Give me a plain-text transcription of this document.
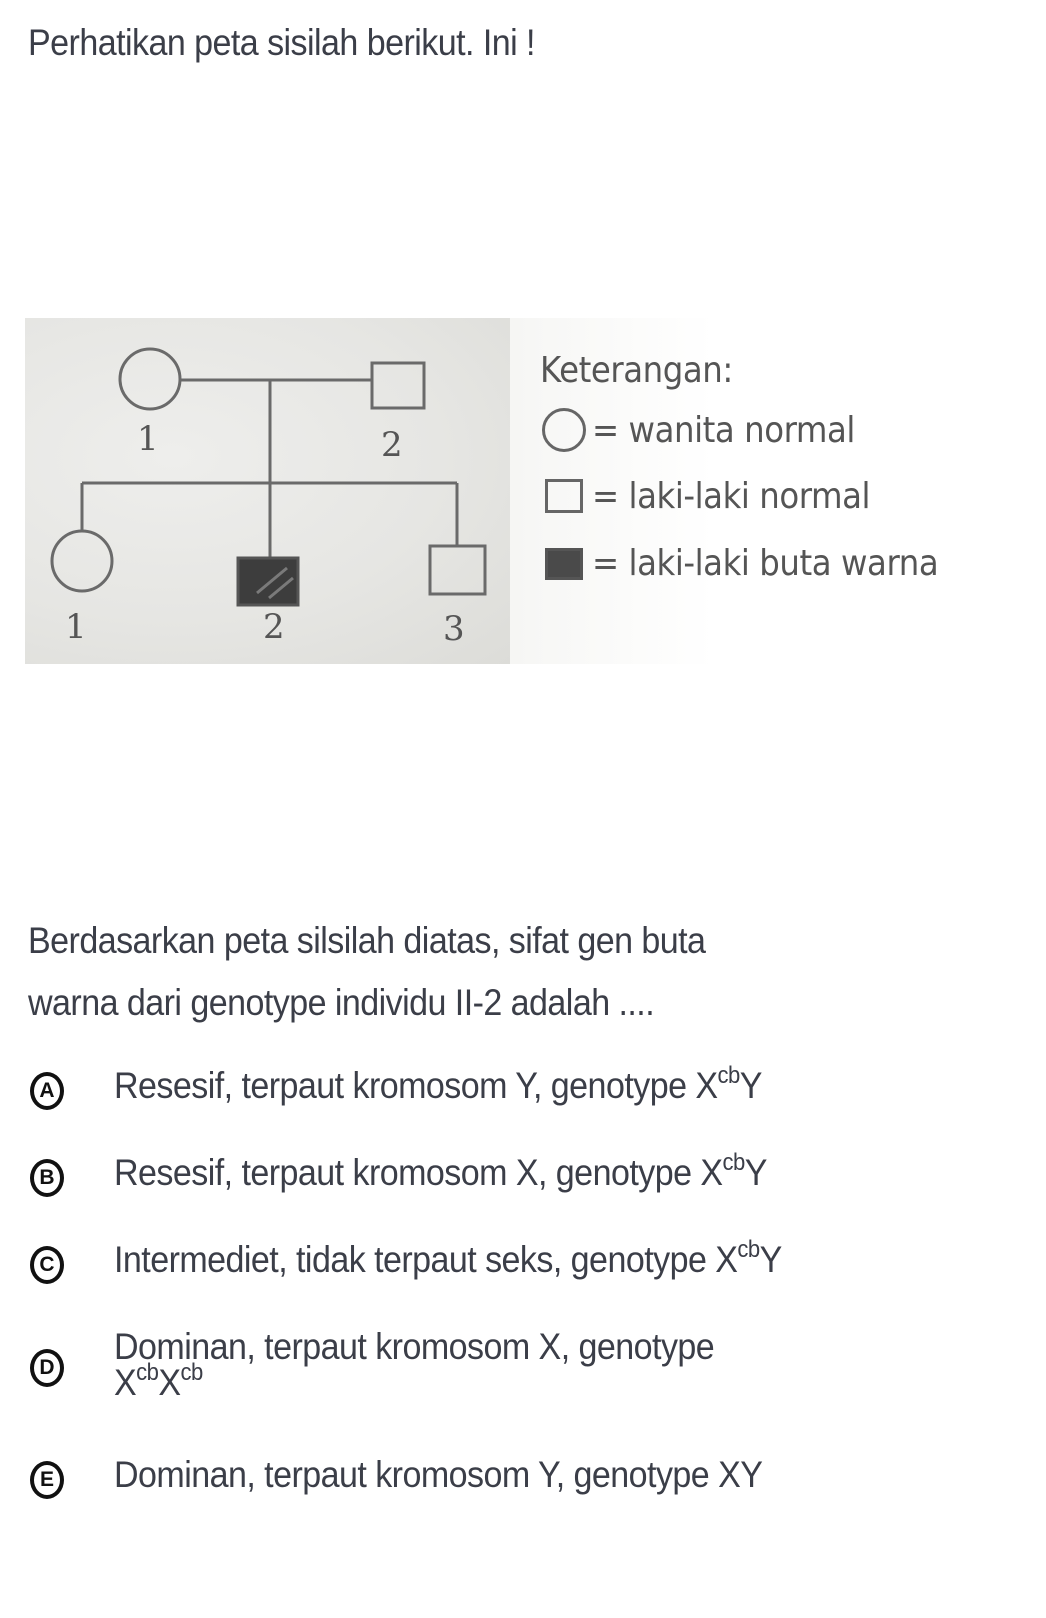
Perhatikan peta sisilah berikut. Ini !
1	2
1	2	3
Keterangan:
= wanita normal
= laki-laki normal
= laki-laki buta warna
Berdasarkan peta silsilah diatas, sifat gen buta
warna dari genotype individu II-2 adalah ....
A Resesif, terpaut kromosom Y, genotype $X^{cb}Y$
B Resesif, terpaut kromosom X, genotype $X^{cb}Y$
C Intermediet, tidak terpaut seks, genotype $X^{cb}Y$
D
Dominan, terpaut kromosom X, genotype
$X^{cb}X^{cb}$
E Dominan, terpaut kromosom Y, genotype XY
